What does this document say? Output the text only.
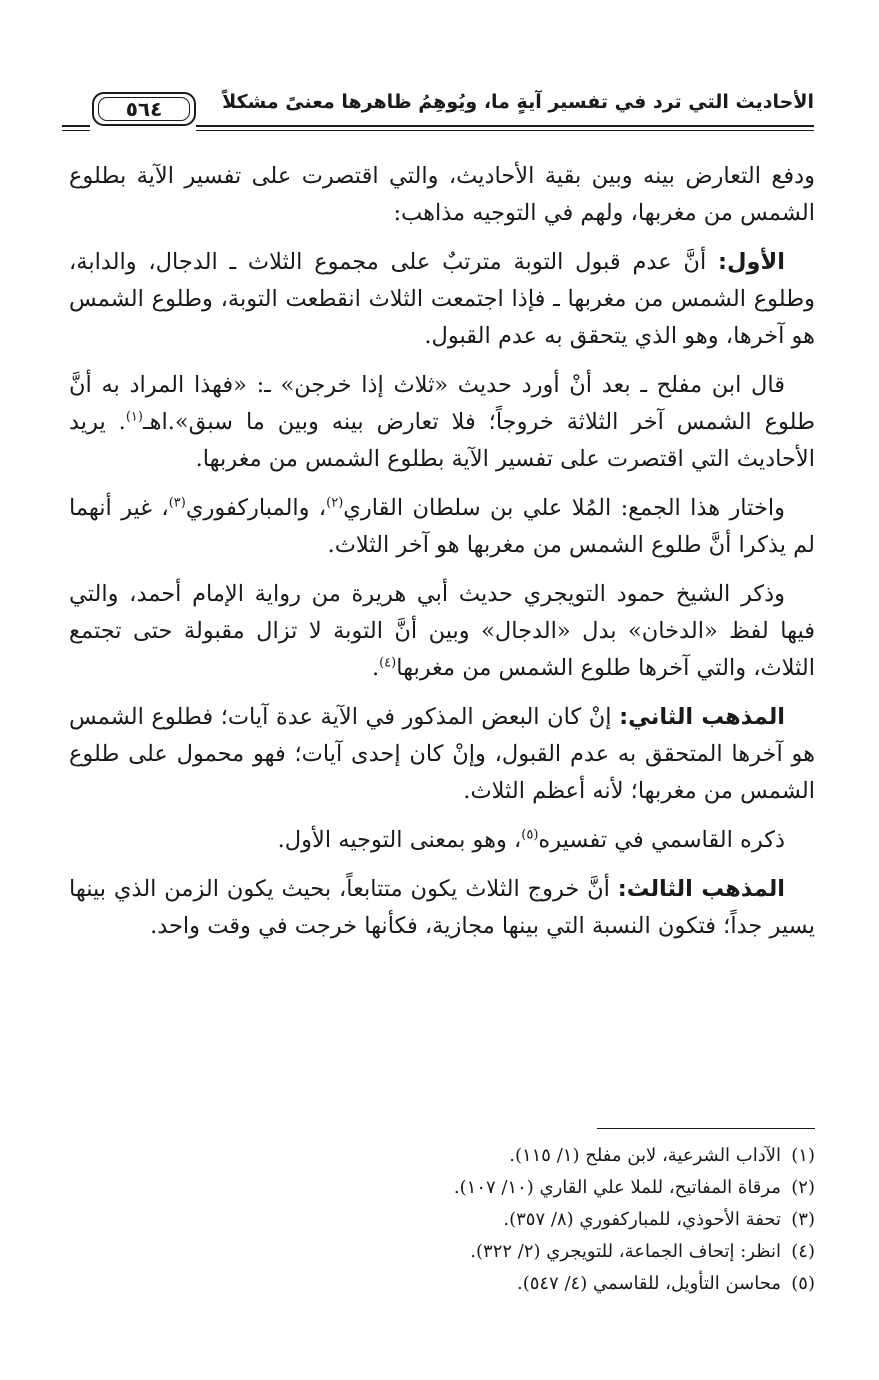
الأحاديث التي ترد في تفسير آيةٍ ما، ويُوهِمُ ظاهرها معنىً مشكلاً
٥٦٤

ودفع التعارض بينه وبين بقية الأحاديث، والتي اقتصرت على تفسير الآية بطلوع الشمس من مغربها، ولهم في التوجيه مذاهب:

الأول: أنَّ عدم قبول التوبة مترتبٌ على مجموع الثلاث ـ الدجال، والدابة، وطلوع الشمس من مغربها ـ فإذا اجتمعت الثلاث انقطعت التوبة، وطلوع الشمس هو آخرها، وهو الذي يتحقق به عدم القبول.

قال ابن مفلح ـ بعد أنْ أورد حديث «ثلاث إذا خرجن» ـ: «فهذا المراد به أنَّ طلوع الشمس آخر الثلاثة خروجاً؛ فلا تعارض بينه وبين ما سبق».اهـ$^{(١)}$. يريد الأحاديث التي اقتصرت على تفسير الآية بطلوع الشمس من مغربها.

واختار هذا الجمع: المُلا علي بن سلطان القاري$^{(٢)}$، والمباركفوري$^{(٣)}$، غير أنهما لم يذكرا أنَّ طلوع الشمس من مغربها هو آخر الثلاث.

وذكر الشيخ حمود التويجري حديث أبي هريرة من رواية الإمام أحمد، والتي فيها لفظ «الدخان» بدل «الدجال» وبين أنَّ التوبة لا تزال مقبولة حتى تجتمع الثلاث، والتي آخرها طلوع الشمس من مغربها$^{(٤)}$.

المذهب الثاني: إنْ كان البعض المذكور في الآية عدة آيات؛ فطلوع الشمس هو آخرها المتحقق به عدم القبول، وإنْ كان إحدى آيات؛ فهو محمول على طلوع الشمس من مغربها؛ لأنه أعظم الثلاث.

ذكره القاسمي في تفسيره$^{(٥)}$، وهو بمعنى التوجيه الأول.

المذهب الثالث: أنَّ خروج الثلاث يكون متتابعاً، بحيث يكون الزمن الذي بينها يسير جداً؛ فتكون النسبة التي بينها مجازية، فكأنها خرجت في وقت واحد.

(١)الآداب الشرعية، لابن مفلح (١/ ١١٥).
(٢)مرقاة المفاتيح، للملا علي القاري (١٠/ ١٠٧).
(٣)تحفة الأحوذي، للمباركفوري (٨/ ٣٥٧).
(٤)انظر: إتحاف الجماعة، للتويجري (٢/ ٣٢٢).
(٥)محاسن التأويل، للقاسمي (٤/ ٥٤٧).
